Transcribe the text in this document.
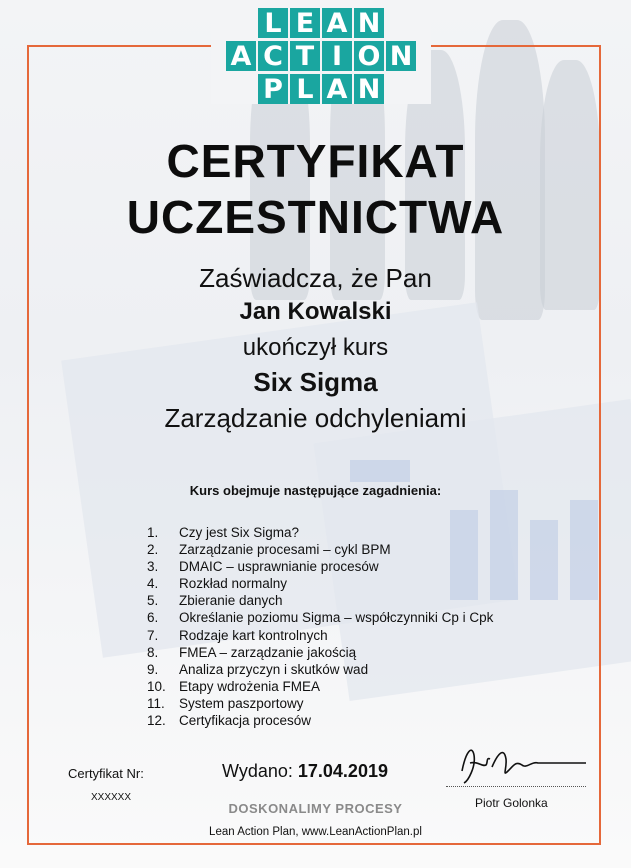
L E A N
A C T I O N
P L A N
CERTYFIKAT
UCZESTNICTWA
Zaświadcza, że Pan
Jan Kowalski
ukończył kurs
Six Sigma
Zarządzanie odchyleniami
Kurs obejmuje następujące zagadnienia:
1.	Czy jest Six Sigma?
2.	Zarządzanie procesami – cykl BPM
3.	DMAIC – usprawnianie procesów
4.	Rozkład normalny
5.	Zbieranie danych
6.	Określanie poziomu Sigma – współczynniki Cp i Cpk
7.	Rodzaje kart kontrolnych
8.	FMEA – zarządzanie jakością
9.	Analiza przyczyn i skutków wad
10. Etapy wdrożenia FMEA
11.	System paszportowy
12. Certyfikacja procesów
Certyfikat Nr:
XXXXXX
Wydano: 17.04.2019
Piotr Golonka
DOSKONALIMY PROCESY
Lean Action Plan, www.LeanActionPlan.pl
